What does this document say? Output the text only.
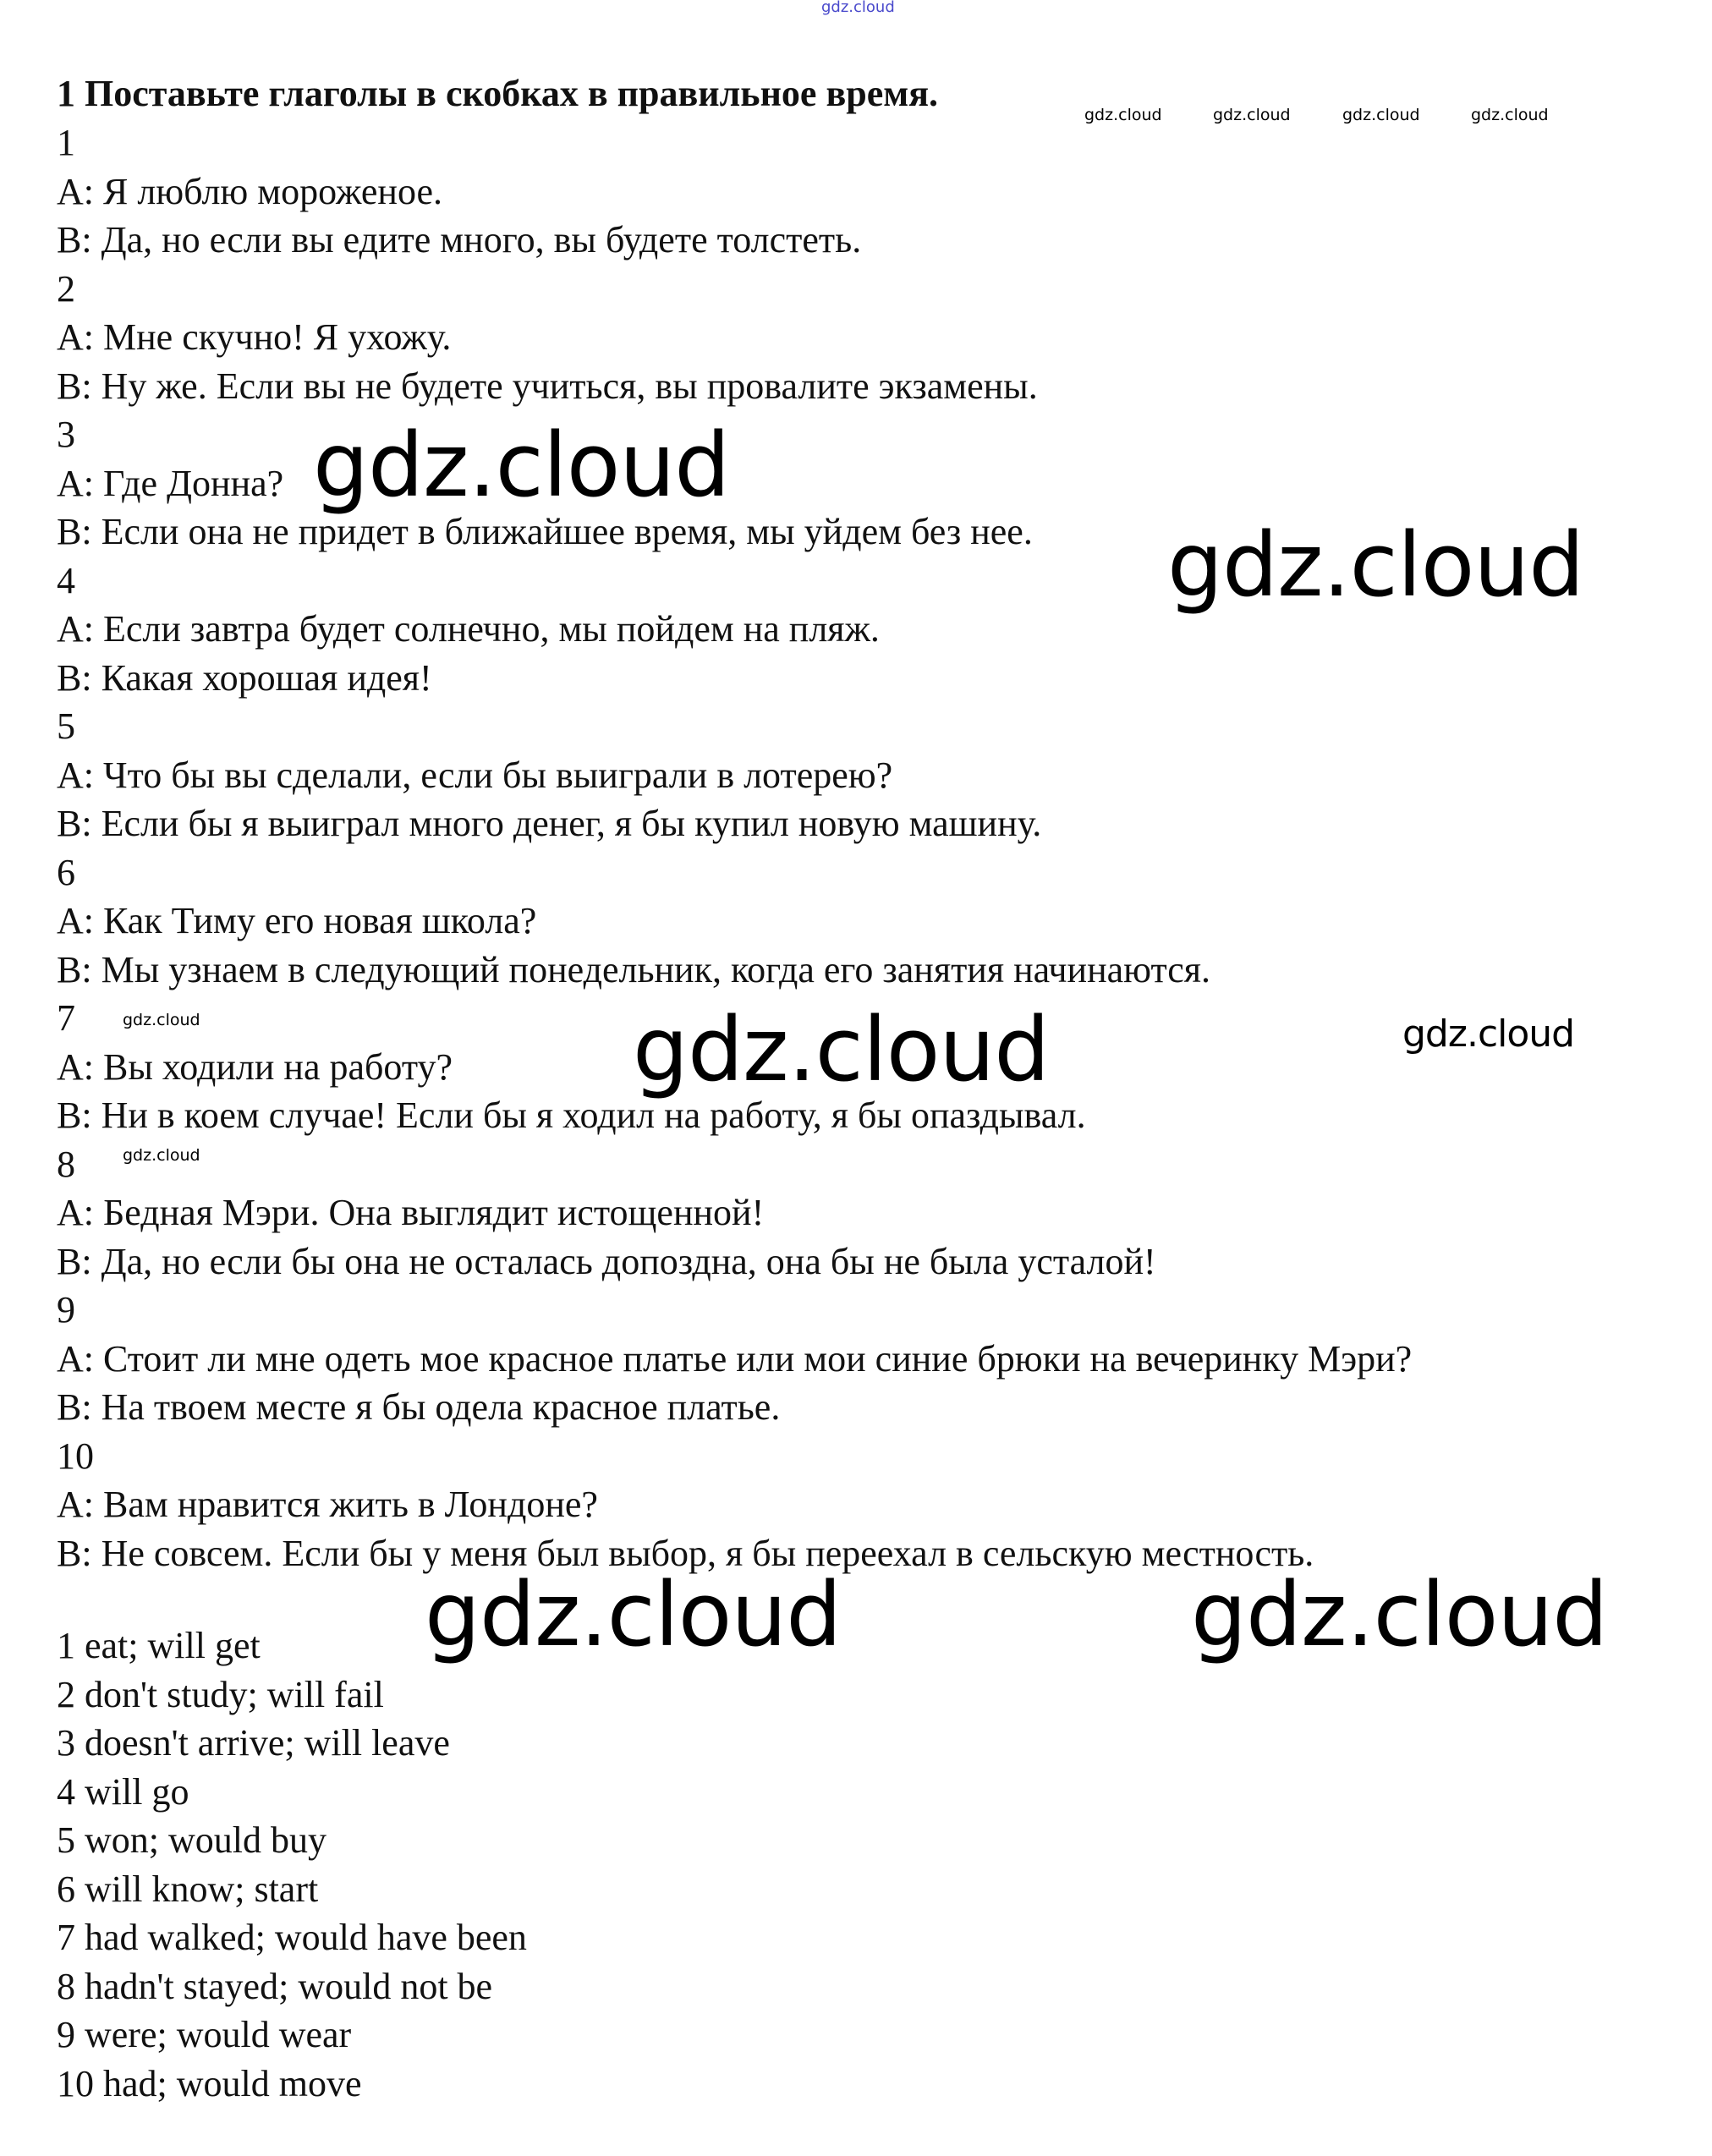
gdz.cloud
gdz.cloud	gdz.cloud	gdz.cloud	gdz.cloud
gdz.cloud
gdz.cloud
gdz.cloud	gdz.cloud	gdz.cloud
gdz.cloud
gdz.cloud	gdz.cloud
1 Поставьте глаголы в скобках в правильное время.
1
A: Я люблю мороженое.
B: Да, но если вы едите много, вы будете толстеть.
2
A: Мне скучно! Я ухожу.
B: Ну же. Если вы не будете учиться, вы провалите экзамены.
3
A: Где Донна?
B: Если она не придет в ближайшее время, мы уйдем без нее.
4
A: Если завтра будет солнечно, мы пойдем на пляж.
B: Какая хорошая идея!
5
A: Что бы вы сделали, если бы выиграли в лотерею?
B: Если бы я выиграл много денег, я бы купил новую машину.
6
A: Как Тиму его новая школа?
B: Мы узнаем в следующий понедельник, когда его занятия начинаются.
7
A: Вы ходили на работу?
B: Ни в коем случае! Если бы я ходил на работу, я бы опаздывал.
8
A: Бедная Мэри. Она выглядит истощенной!
B: Да, но если бы она не осталась допоздна, она бы не была усталой!
9
A: Стоит ли мне одеть мое красное платье или мои синие брюки на вечеринку Мэри?
B: На твоем месте я бы одела красное платье.
10
A: Вам нравится жить в Лондоне?
B: Не совсем. Если бы у меня был выбор, я бы переехал в сельскую местность.
1 eat; will get
2 don't study; will fail
3 doesn't arrive; will leave
4 will go
5 won; would buy
6 will know; start
7 had walked; would have been
8 hadn't stayed; would not be
9 were; would wear
10 had; would move
